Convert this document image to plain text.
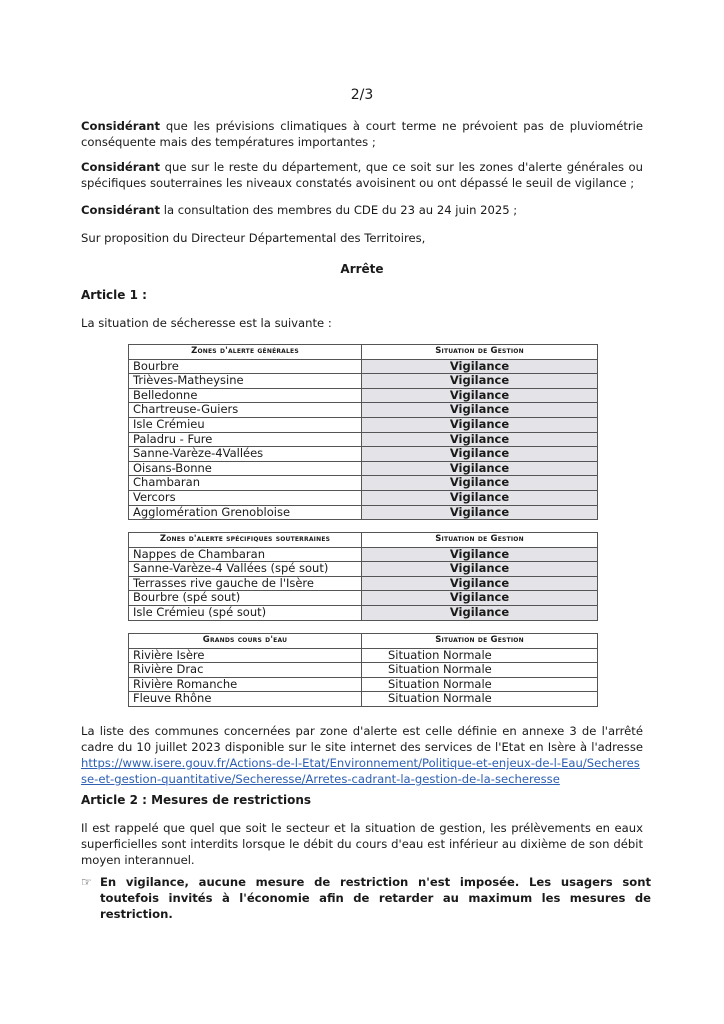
2/3

Considérant que les prévisions climatiques à court terme ne prévoient pas de pluviométrie conséquente mais des températures importantes ;

Considérant que sur le reste du département, que ce soit sur les zones d'alerte générales ou spécifiques souterraines les niveaux constatés avoisinent ou ont dépassé le seuil de vigilance ;

Considérant la consultation des membres du CDE du 23 au 24 juin 2025 ;

Sur proposition du Directeur Départemental des Territoires,

Arrête
Article 1 :

La situation de sécheresse est la suivante :

Zones d'alerte générales	Situation de Gestion
Bourbre	Vigilance
Trièves-Matheysine	Vigilance
Belledonne	Vigilance
Chartreuse-Guiers	Vigilance
Isle Crémieu	Vigilance
Paladru - Fure	Vigilance
Sanne-Varèze-4Vallées	Vigilance
Oisans-Bonne	Vigilance
Chambaran	Vigilance
Vercors	Vigilance
Agglomération Grenobloise	Vigilance
Zones d'alerte spécifiques souterraines	Situation de Gestion
Nappes de Chambaran	Vigilance
Sanne-Varèze-4 Vallées (spé sout)	Vigilance
Terrasses rive gauche de l'Isère	Vigilance
Bourbre (spé sout)	Vigilance
Isle Crémieu (spé sout)	Vigilance
Grands cours d'eau	Situation de Gestion
Rivière Isère	Situation Normale
Rivière Drac	Situation Normale
Rivière Romanche	Situation Normale
Fleuve Rhône	Situation Normale

La liste des communes concernées par zone d'alerte est celle définie en annexe 3 de l'arrêté cadre du 10 juillet 2023 disponible sur le site internet des services de l'Etat en Isère à l'adresse https://www.isere.gouv.fr/Actions-de-l-Etat/Environnement/Politique-et-enjeux-de-l-Eau/Secheresse-et-gestion-quantitative/Secheresse/Arretes-cadrant-la-gestion-de-la-secheresse

Article 2 : Mesures de restrictions

Il est rappelé que quel que soit le secteur et la situation de gestion, les prélèvements en eaux superficielles sont interdits lorsque le débit du cours d'eau est inférieur au dixième de son débit moyen interannuel.

☞ En vigilance, aucune mesure de restriction n'est imposée. Les usagers sont toutefois invités à l'économie afin de retarder au maximum les mesures de restriction.
